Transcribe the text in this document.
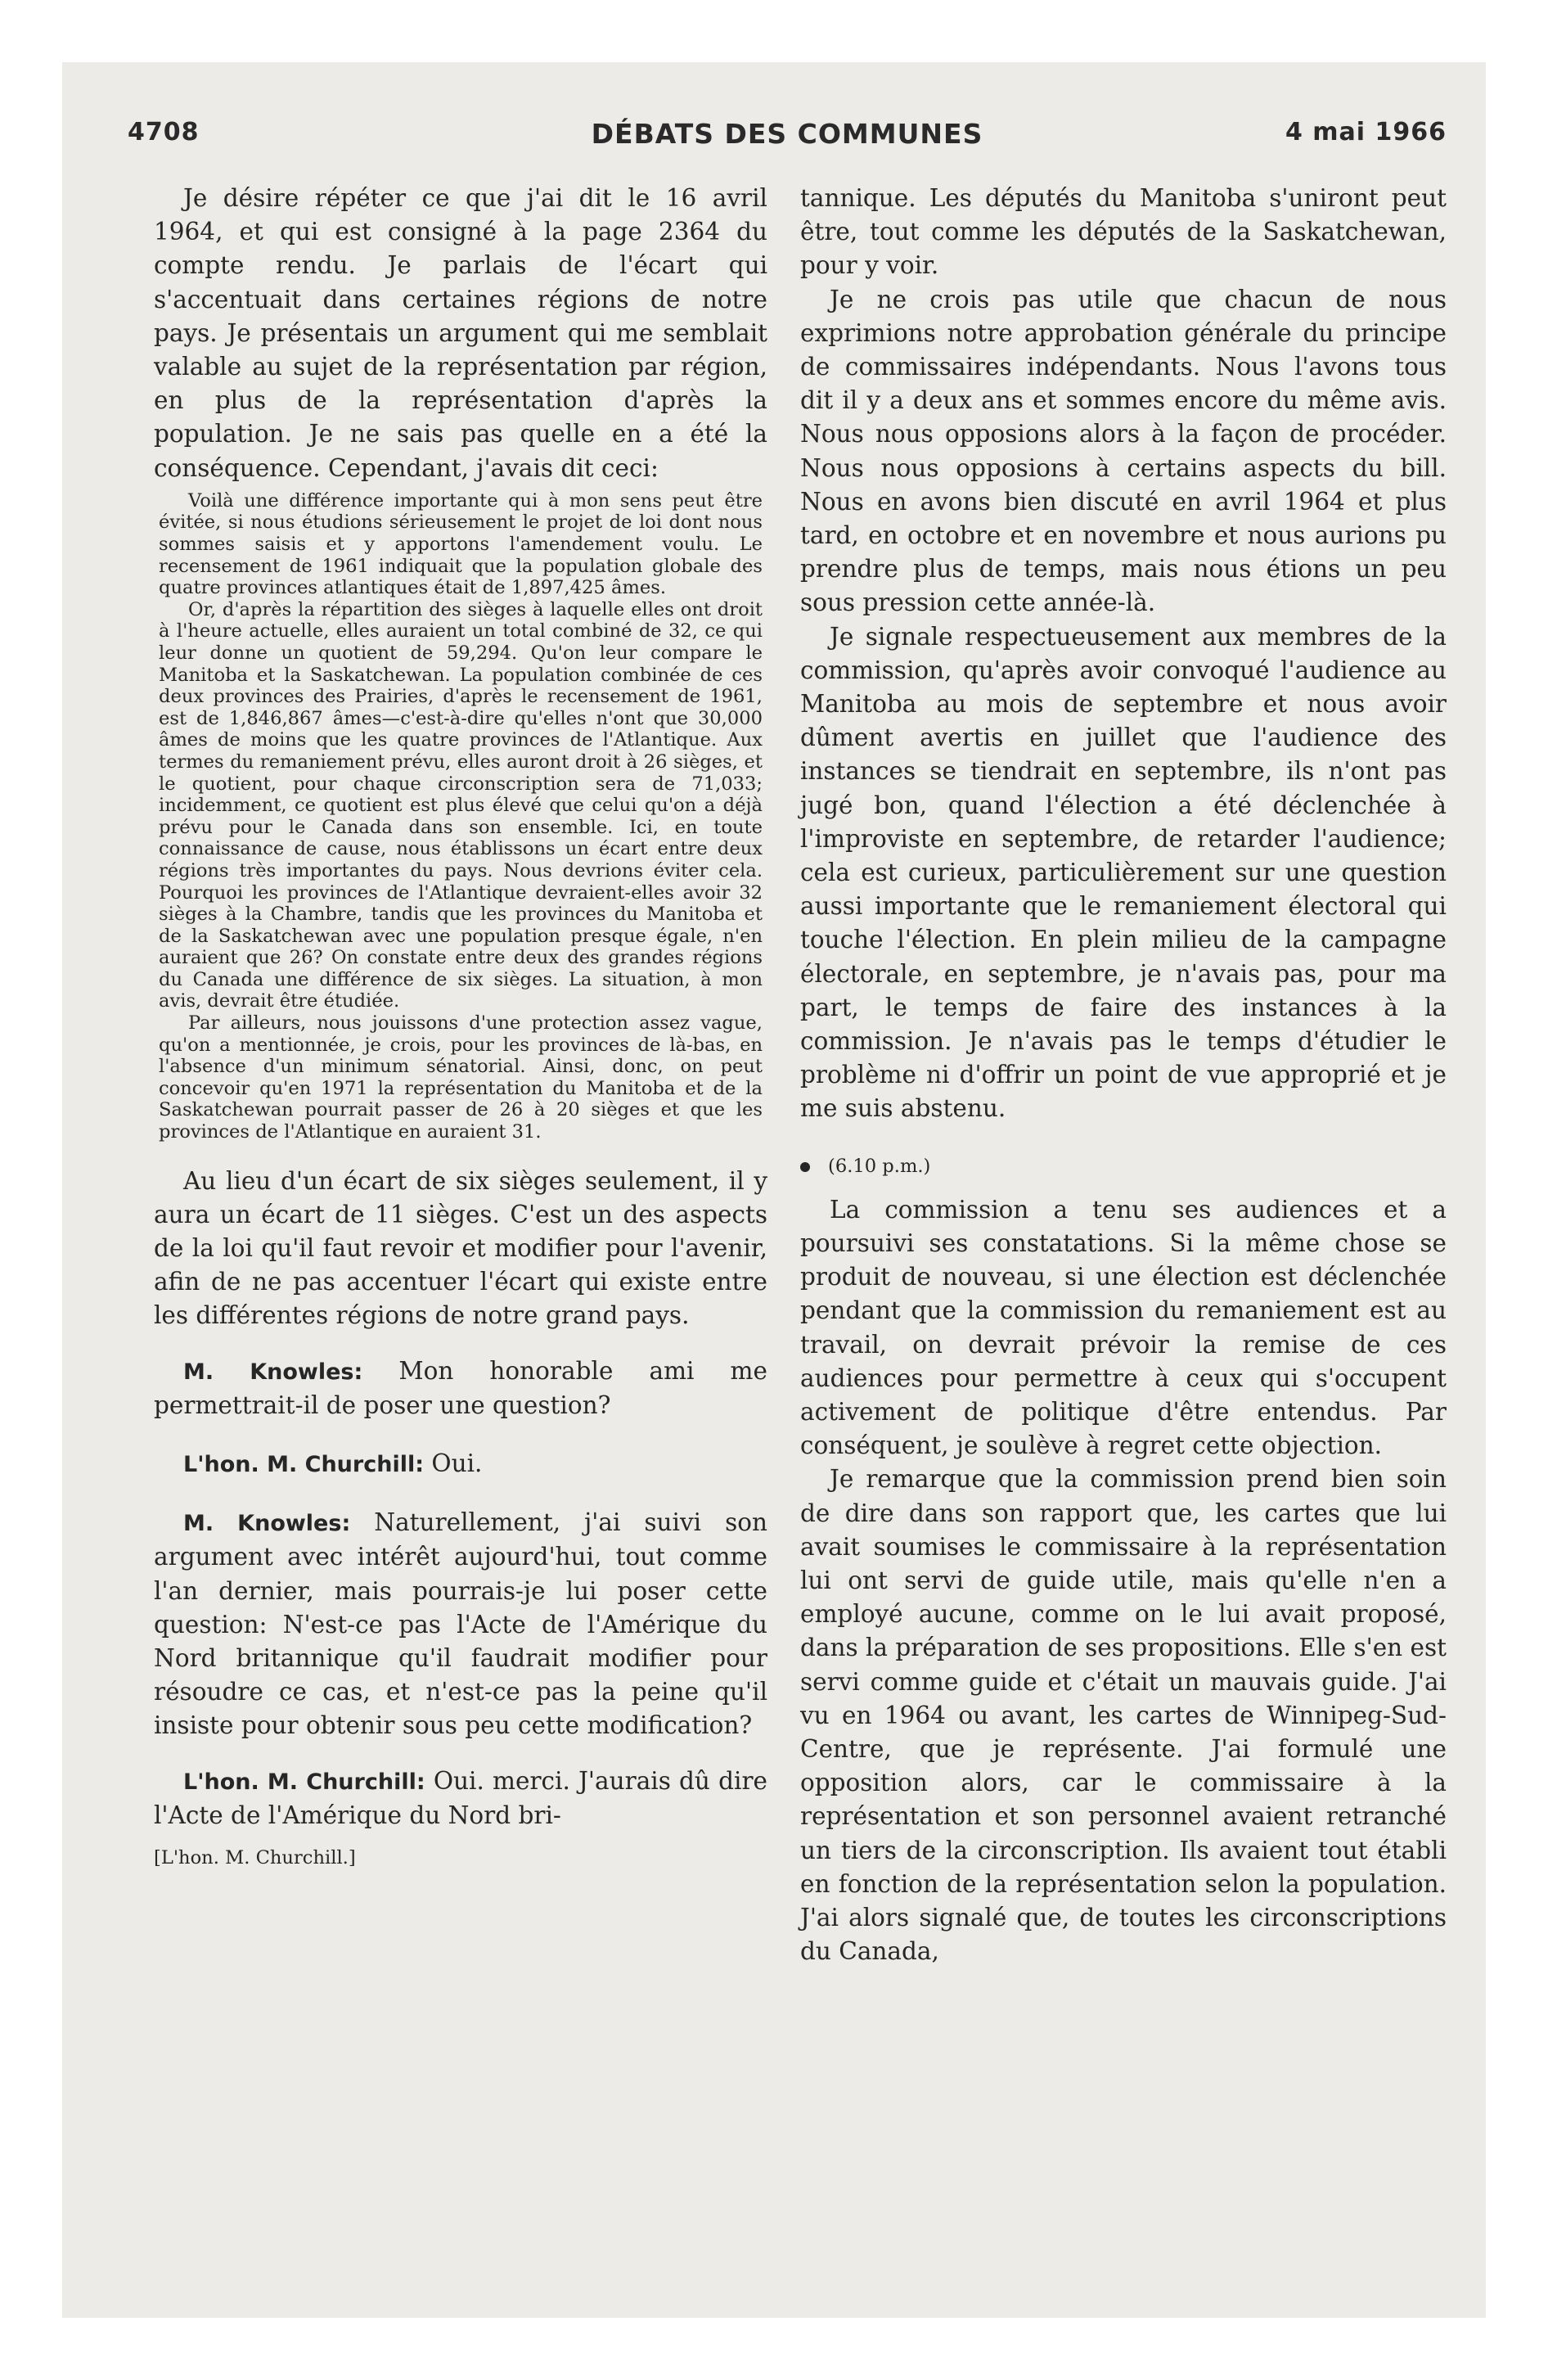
4708	DÉBATS DES COMMUNES	4 mai 1966

Je désire répéter ce que j'ai dit le 16 avril 1964, et qui est consigné à la page 2364 du compte rendu. Je parlais de l'écart qui s'accentuait dans certaines régions de notre pays. Je présentais un argument qui me semblait valable au sujet de la représentation par région, en plus de la représentation d'après la population. Je ne sais pas quelle en a été la conséquence. Cependant, j'avais dit ceci:

Voilà une différence importante qui à mon sens peut être évitée, si nous étudions sérieusement le projet de loi dont nous sommes saisis et y apportons l'amendement voulu. Le recensement de 1961 indiquait que la population globale des quatre provinces atlantiques était de 1,897,425 âmes.

Or, d'après la répartition des sièges à laquelle elles ont droit à l'heure actuelle, elles auraient un total combiné de 32, ce qui leur donne un quotient de 59,294. Qu'on leur compare le Manitoba et la Saskatchewan. La population combinée de ces deux provinces des Prairies, d'après le recensement de 1961, est de 1,846,867 âmes—c'est-à-dire qu'elles n'ont que 30,000 âmes de moins que les quatre provinces de l'Atlantique. Aux termes du remaniement prévu, elles auront droit à 26 sièges, et le quotient, pour chaque circonscription sera de 71,033; incidemment, ce quotient est plus élevé que celui qu'on a déjà prévu pour le Canada dans son ensemble. Ici, en toute connaissance de cause, nous établissons un écart entre deux régions très importantes du pays. Nous devrions éviter cela. Pourquoi les provinces de l'Atlantique devraient-elles avoir 32 sièges à la Chambre, tandis que les provinces du Manitoba et de la Saskatchewan avec une population presque égale, n'en auraient que 26? On constate entre deux des grandes régions du Canada une différence de six sièges. La situation, à mon avis, devrait être étudiée.

Par ailleurs, nous jouissons d'une protection assez vague, qu'on a mentionnée, je crois, pour les provinces de là-bas, en l'absence d'un minimum sénatorial. Ainsi, donc, on peut concevoir qu'en 1971 la représentation du Manitoba et de la Saskatchewan pourrait passer de 26 à 20 sièges et que les provinces de l'Atlantique en auraient 31.

Au lieu d'un écart de six sièges seulement, il y aura un écart de 11 sièges. C'est un des aspects de la loi qu'il faut revoir et modifier pour l'avenir, afin de ne pas accentuer l'écart qui existe entre les différentes régions de notre grand pays.

M. Knowles: Mon honorable ami me permettrait-il de poser une question?

L'hon. M. Churchill: Oui.

M. Knowles: Naturellement, j'ai suivi son argument avec intérêt aujourd'hui, tout comme l'an dernier, mais pourrais-je lui poser cette question: N'est-ce pas l'Acte de l'Amérique du Nord britannique qu'il faudrait modifier pour résoudre ce cas, et n'est-ce pas la peine qu'il insiste pour obtenir sous peu cette modification?

L'hon. M. Churchill: Oui. merci. J'aurais dû dire l'Acte de l'Amérique du Nord bri-

[L'hon. M. Churchill.]

tannique. Les députés du Manitoba s'uniront peut être, tout comme les députés de la Saskatchewan, pour y voir.

Je ne crois pas utile que chacun de nous exprimions notre approbation générale du principe de commissaires indépendants. Nous l'avons tous dit il y a deux ans et sommes encore du même avis. Nous nous opposions alors à la façon de procéder. Nous nous opposions à certains aspects du bill. Nous en avons bien discuté en avril 1964 et plus tard, en octobre et en novembre et nous aurions pu prendre plus de temps, mais nous étions un peu sous pression cette année-là.

Je signale respectueusement aux membres de la commission, qu'après avoir convoqué l'audience au Manitoba au mois de septembre et nous avoir dûment avertis en juillet que l'audience des instances se tiendrait en septembre, ils n'ont pas jugé bon, quand l'élection a été déclenchée à l'improviste en septembre, de retarder l'audience; cela est curieux, particulièrement sur une question aussi importante que le remaniement électoral qui touche l'élection. En plein milieu de la campagne électorale, en septembre, je n'avais pas, pour ma part, le temps de faire des instances à la commission. Je n'avais pas le temps d'étudier le problème ni d'offrir un point de vue approprié et je me suis abstenu.

(6.10 p.m.)

La commission a tenu ses audiences et a poursuivi ses constatations. Si la même chose se produit de nouveau, si une élection est déclenchée pendant que la commission du remaniement est au travail, on devrait prévoir la remise de ces audiences pour permettre à ceux qui s'occupent activement de politique d'être entendus. Par conséquent, je soulève à regret cette objection.

Je remarque que la commission prend bien soin de dire dans son rapport que, les cartes que lui avait soumises le commissaire à la représentation lui ont servi de guide utile, mais qu'elle n'en a employé aucune, comme on le lui avait proposé, dans la préparation de ses propositions. Elle s'en est servi comme guide et c'était un mauvais guide. J'ai vu en 1964 ou avant, les cartes de Winnipeg-Sud-Centre, que je représente. J'ai formulé une opposition alors, car le commissaire à la représentation et son personnel avaient retranché un tiers de la circonscription. Ils avaient tout établi en fonction de la représentation selon la population. J'ai alors signalé que, de toutes les circonscriptions du Canada,
